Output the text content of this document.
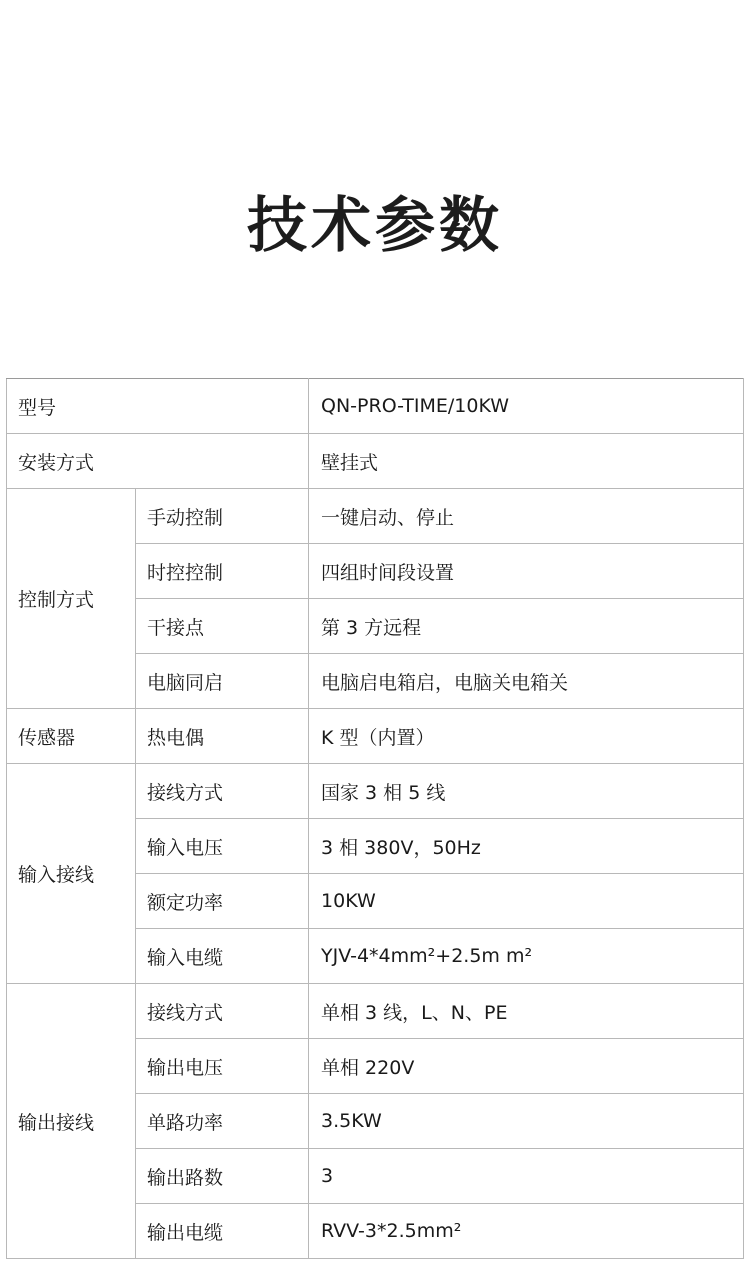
技术参数
型号		QN-PRO-TIME/10KW
安装方式		壁挂式
控制方式	手动控制	一键启动、停止
	时控控制	四组时间段设置
	干接点	第 3 方远程
	电脑同启	电脑启电箱启，电脑关电箱关
传感器	热电偶	K 型（内置）
输入接线	接线方式	国家 3 相 5 线
	输入电压	3 相 380V，50Hz
	额定功率	10KW
	输入电缆	YJV-4*4mm²+2.5m m²
输出接线	接线方式	单相 3 线，L、N、PE
	输出电压	单相 220V
	单路功率	3.5KW
	输出路数	3
	输出电缆	RVV-3*2.5mm²
